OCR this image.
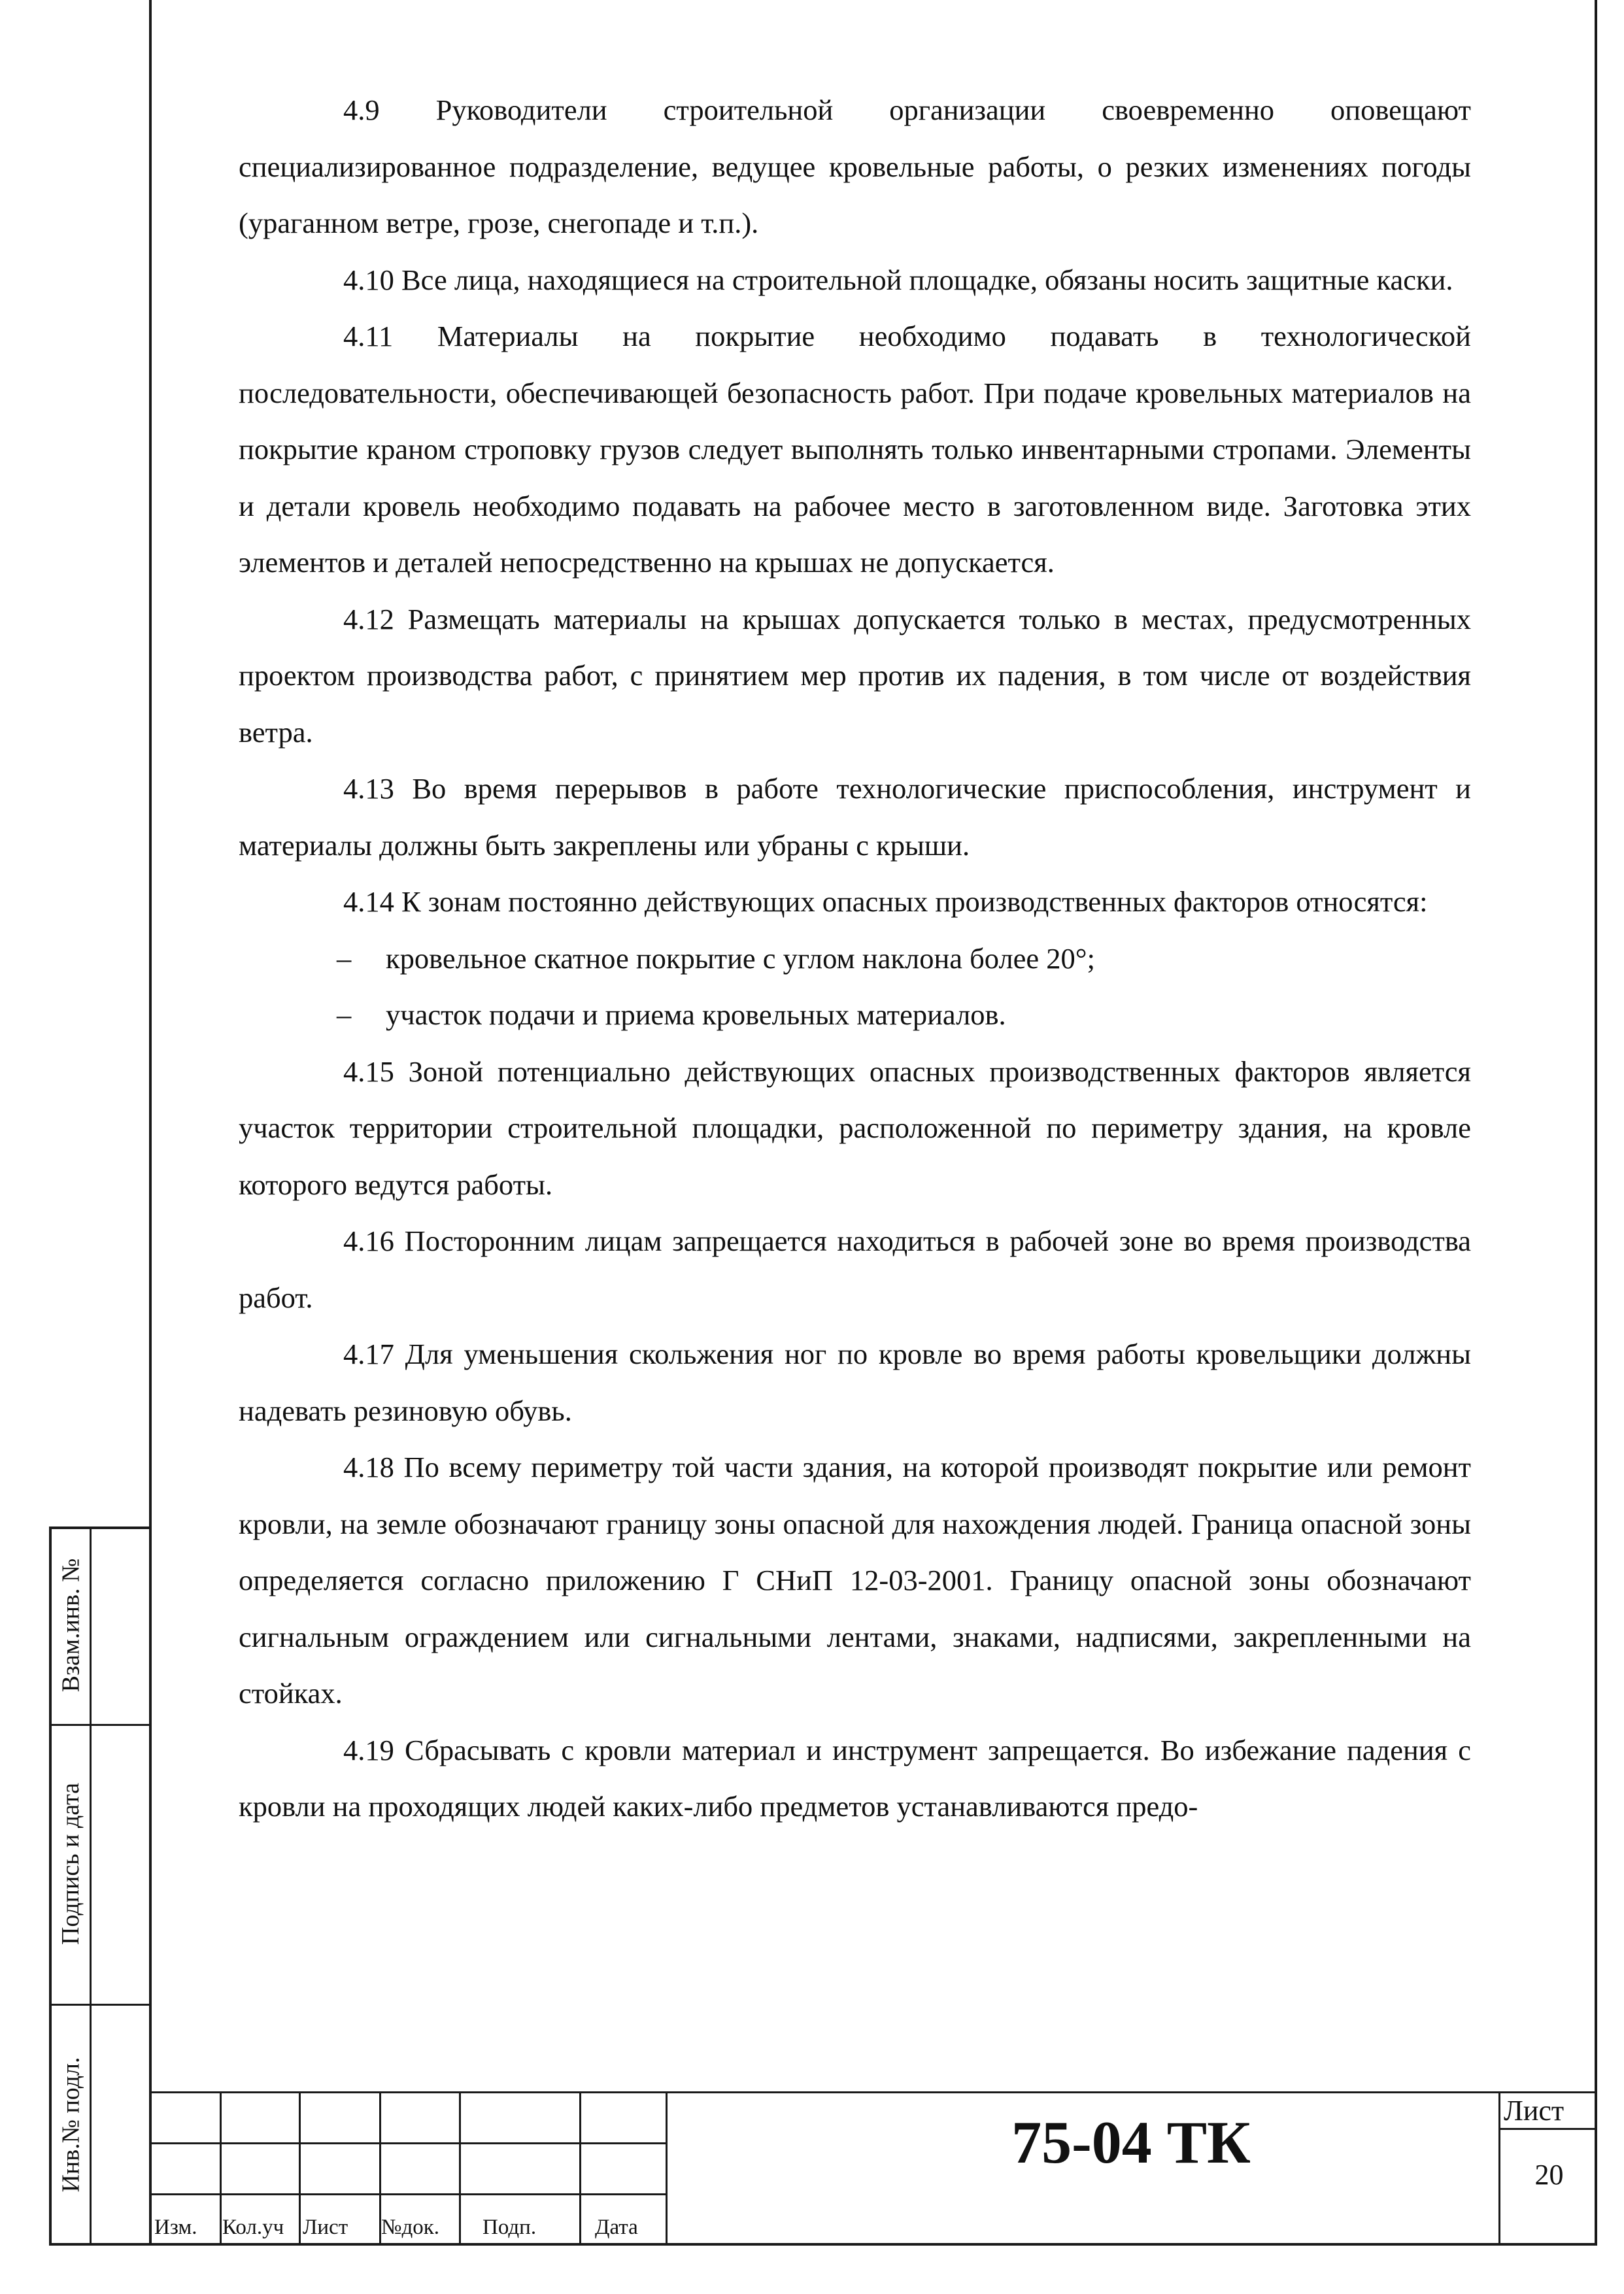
4.9 Руководители строительной организации своевременно оповещают специализированное подразделение, ведущее кровельные работы, о резких изменениях погоды (ураганном ветре, грозе, снегопаде и т.п.).

4.10 Все лица, находящиеся на строительной площадке, обязаны носить защитные каски.

4.11 Материалы на покрытие необходимо подавать в технологической последовательности, обеспечивающей безопасность работ. При подаче кровельных материалов на покрытие краном строповку грузов следует выполнять только инвентарными стропами. Элементы и детали кровель необходимо подавать на рабочее место в заготовленном виде. Заготовка этих элементов и деталей непосредственно на крышах не допускается.

4.12 Размещать материалы на крышах допускается только в местах, предусмотренных проектом производства работ, с принятием мер против их падения, в том числе от воздействия ветра.

4.13 Во время перерывов в работе технологические приспособления, инструмент и материалы должны быть закреплены или убраны с крыши.

4.14 К зонам постоянно действующих опасных производственных факторов относятся:

–	кровельное скатное покрытие с углом наклона более 20°;
–	участок подачи и приема кровельных материалов.

4.15 Зоной потенциально действующих опасных производственных факторов является участок территории строительной площадки, расположенной по периметру здания, на кровле которого ведутся работы.

4.16 Посторонним лицам запрещается находиться в рабочей зоне во время производства работ.

4.17 Для уменьшения скольжения ног по кровле во время работы кровельщики должны надевать резиновую обувь.

4.18 По всему периметру той части здания, на которой производят покрытие или ремонт кровли, на земле обозначают границу зоны опасной для нахождения людей. Граница опасной зоны определяется согласно приложению Г СНиП 12-03-2001. Границу опасной зоны обозначают сигнальным ограждением или сигнальными лентами, знаками, надписями, закрепленными на стойках.

4.19 Сбрасывать с кровли материал и инструмент запрещается. Во избежание падения с кровли на проходящих людей каких-либо предметов устанавливаются предо-

Взам.инв. №
Подпись и дата
Инв.№ подл.
Изм. Кол.уч Лист №док. Подп.	Дата
75-04 ТК	Лист
20
